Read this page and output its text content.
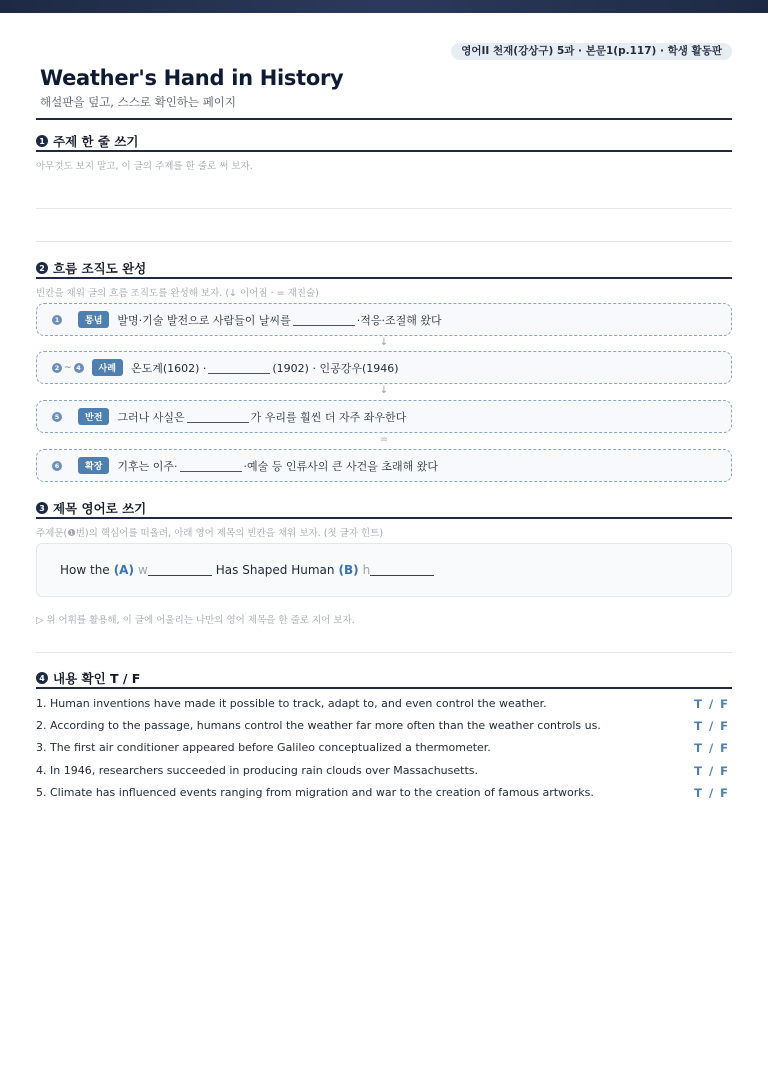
영어II 천재(강상구) 5과 · 본문1(p.117) · 학생 활동판
Weather's Hand in History
해설판을 덮고, 스스로 확인하는 페이지
1 주제 한 줄 쓰기
아무것도 보지 말고, 이 글의 주제를 한 줄로 써 보자.
2 흐름 조직도 완성
빈칸을 채워 글의 흐름 조직도를 완성해 보자. (↓ 이어짐 · = 재진술)
1	통념	발명·기술 발전으로 사람들이 날씨를	·적응·조절해 왔다
↓
2 ~ 4	사례	온도계(1602) ·	(1902) · 인공강우(1946)
↓
5	반전	그러나 사실은	가 우리를 훨씬 더 자주 좌우한다
=
6	확장	기후는 이주·	·예술 등 인류사의 큰 사건을 초래해 왔다
3 제목 영어로 쓰기
주제문(❶번)의 핵심어를 떠올려, 아래 영어 제목의 빈칸을 채워 보자. (첫 글자 힌트)
How the (A) w	Has Shaped Human (B) h
▷ 위 어휘를 활용해, 이 글에 어울리는 나만의 영어 제목을 한 줄로 지어 보자.
4 내용 확인 T / F
1. Human inventions have made it possible to track, adapt to, and even control the weather.	T / F
2. According to the passage, humans control the weather far more often than the weather controls us.	T / F
3. The first air conditioner appeared before Galileo conceptualized a thermometer.	T / F
4. In 1946, researchers succeeded in producing rain clouds over Massachusetts.	T / F
5. Climate has influenced events ranging from migration and war to the creation of famous artworks.	T / F
